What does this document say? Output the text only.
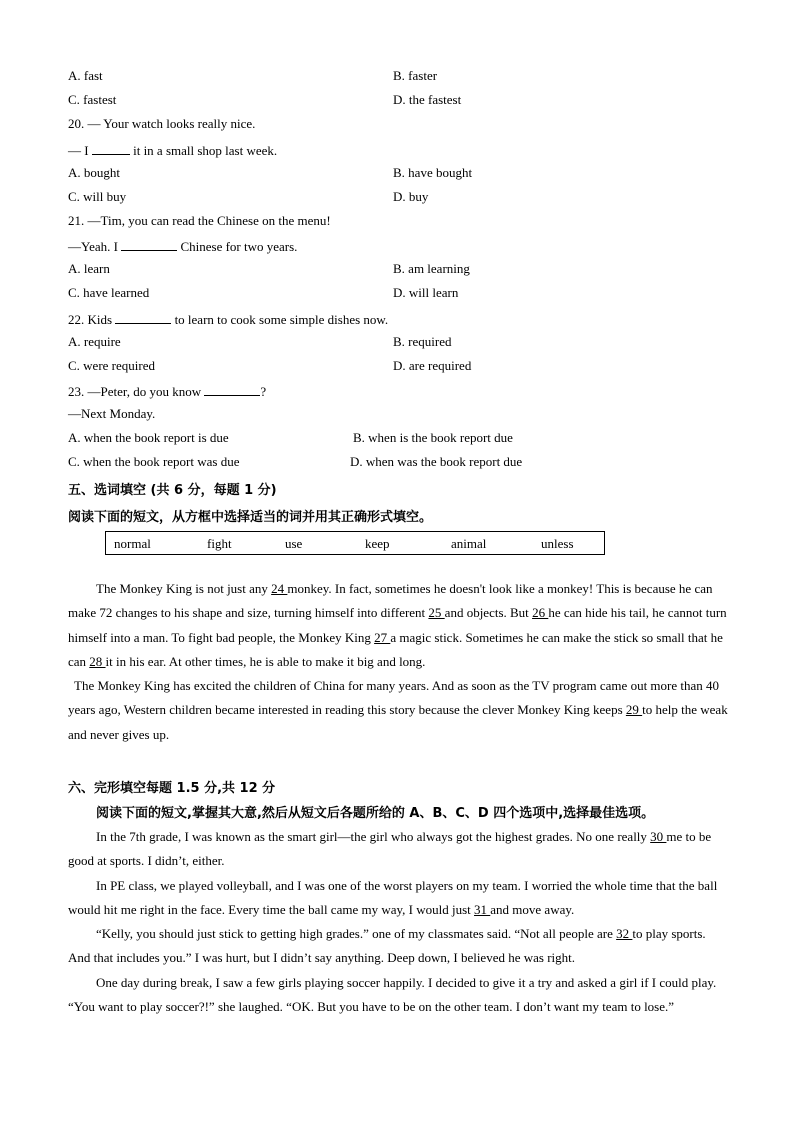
A. fast	B. faster
C. fastest	D. the fastest
20. — Your watch looks really nice.
— I	it in a small shop last week.
A. bought	B. have bought
C. will buy	D. buy
21. —Tim, you can read the Chinese on the menu!
—Yeah. I	Chinese for two years.
A. learn	B. am learning
C. have learned	D. will learn
22. Kids	to learn to cook some simple dishes now.
A. require	B. required
C. were required	D. are required
23. —Peter, do you know	?
—Next Monday.
A. when the book report is due	B. when is the book report due
C. when the book report was due	D. when was the book report due
五、选词填空 (共 6 分，每题 1 分)
阅读下面的短文，从方框中选择适当的词并用其正确形式填空。
normal	fight	use	keep	animal	unless

The Monkey King is not just any 24 monkey. In fact, sometimes he doesn't look like a monkey! This is because he can make 72 changes to his shape and size, turning himself into different 25 and objects. But 26 he can hide his tail, he cannot turn himself into a man. To fight bad people, the Monkey King 27 a magic stick. Sometimes he can make the stick so small that he can 28 it in his ear. At other times, he is able to make it big and long.

The Monkey King has excited the children of China for many years. And as soon as the TV program came out more than 40 years ago, Western children became interested in reading this story because the clever Monkey King keeps 29 to help the weak and never gives up.

六、完形填空每题 1.5 分,共 12 分
阅读下面的短文,掌握其大意,然后从短文后各题所给的 A、B、C、D 四个选项中,选择最佳选项。

In the 7th grade, I was known as the smart girl—the girl who always got the highest grades. No one really 30 me to be good at sports. I didn’t, either.

In PE class, we played volleyball, and I was one of the worst players on my team. I worried the whole time that the ball would hit me right in the face. Every time the ball came my way, I would just 31 and move away.

“Kelly, you should just stick to getting high grades.” one of my classmates said. “Not all people are 32 to play sports. And that includes you.” I was hurt, but I didn’t say anything. Deep down, I believed he was right.

One day during break, I saw a few girls playing soccer happily. I decided to give it a try and asked a girl if I could play. “You want to play soccer?!” she laughed. “OK. But you have to be on the other team. I don’t want my team to lose.”
